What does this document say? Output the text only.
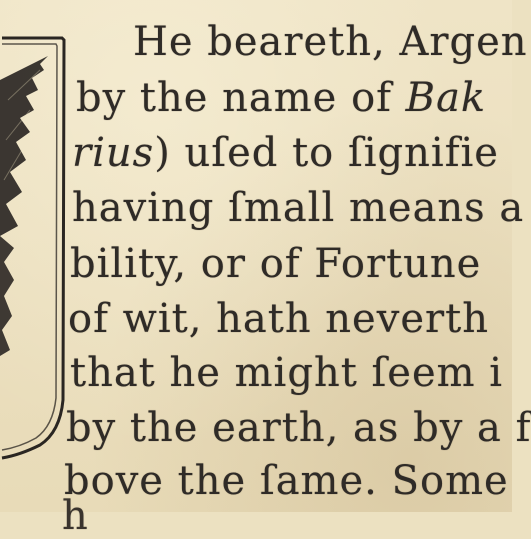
He beareth, Argen
by the name of Bak
rius) uſed to ſignifie
having ſmall means a
bility, or of Fortune
of wit, hath neverth
that he might ſeem i
by the earth, as by a f
bove the ſame. Some
h
